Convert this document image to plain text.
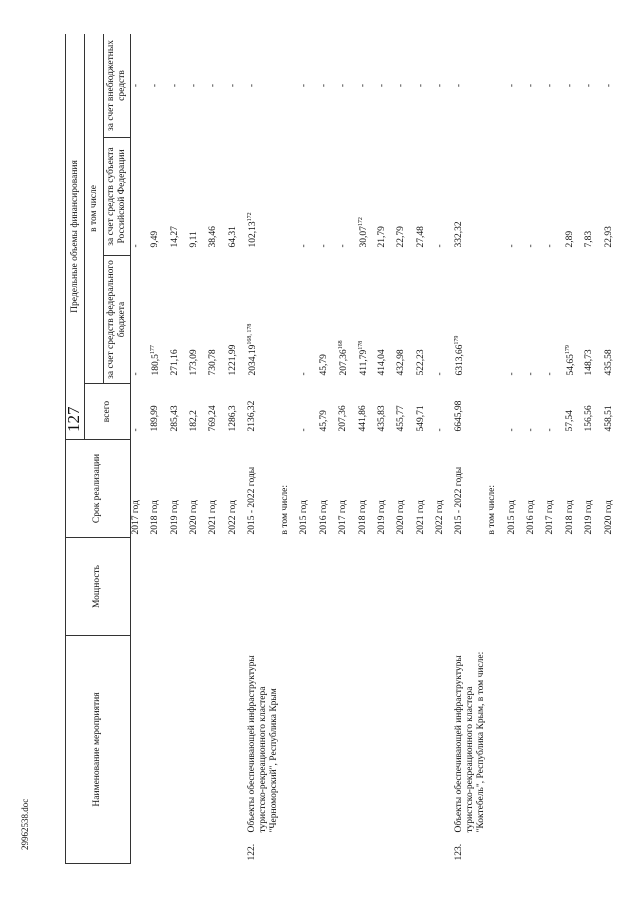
127
29962538.doc
Наименование мероприятия		Мощность	Срок реализации	Предельные объемы финансирования			
				всего	в том числе		
					за счет средств федерального бюджета	за счет средств субъекта Российской Федерации	за счет внебюджетных средств
			2017 год	-	-	-	-
			2018 год	189,99	180,5$^{177}$	9,49	-
			2019 год	285,43	271,16	14,27	-
			2020 год	182,2	173,09	9,11	-
			2021 год	769,24	730,78	38,46	-
			2022 год	1286,3	1221,99	64,31	-
122.	Объекты обеспечивающей инфраструктуры туристско-рекреационного кластера "Черноморский", Республика Крым		2015 - 2022 годы	2136,32	2034,19$^{168, 178}$	102,13$^{172}$	-
			в том числе:				
			2015 год	-	-	-	-
			2016 год	45,79	45,79	-	-
			2017 год	207,36	207,36$^{168}$	-	-
			2018 год	441,86	411,79$^{178}$	30,07$^{172}$	-
			2019 год	435,83	414,04	21,79	-
			2020 год	455,77	432,98	22,79	-
			2021 год	549,71	522,23	27,48	-
			2022 год	-	-	-	-
123.	Объекты обеспечивающей инфраструктуры туристско-рекреационного кластера "Коктебель", Республика Крым, в том числе:		2015 - 2022 годы	6645,98	6313,66$^{179}$	332,32	-
			в том числе:				
			2015 год	-	-	-	-
			2016 год	-	-	-	-
			2017 год	-	-	-	-
			2018 год	57,54	54,65$^{179}$	2,89	-
			2019 год	156,56	148,73	7,83	-
			2020 год	458,51	435,58	22,93	-
